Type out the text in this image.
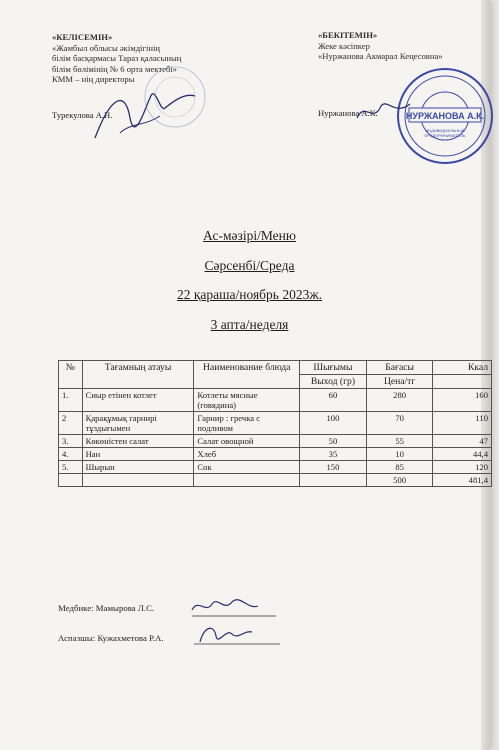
«КЕЛІСЕМІН»
«Жамбыл облысы әкімдігінің
білім басқармасы Тараз қаласының
білім бөлімінің № 6 орта мектебі»
КММ – нің директоры
Турекулова А.Н.
«БЕКІТЕМІН»
Жеке кәсіпкер
«Нуржанова Акмарал Кеңесовна»
Нуржанова А.К.	НУРЖАНОВА А.К.
ИНДИВИДУАЛЬНЫЙ
ПРЕДПРИНИМАТЕЛЬ
Ас-мәзірі/Меню
Сәрсенбі/Среда
22 қараша/ноябрь 2023ж.
3 апта/неделя
№	Тағамның атауы	Наименование блюда	Шығымы	Бағасы	Ккал
			Выход (гр)	Цена/тг	
1.	Сиыр етінен котлет	Котлеты мясные (говядина)	60	280	160
2	Қарақұмық гарнирі тұздығымен	Гарнир : гречка с подливом	100	70	110
3.	Көкөністен салат	Салат овощной	50	55	47
4.	Нан	Хлеб	35	10	44,4
5.	Шырын	Сок	150	85	120
				500	481,4
Медбике: Мамырова Л.С.
Аспазшы: Кужахметова Р.А.
